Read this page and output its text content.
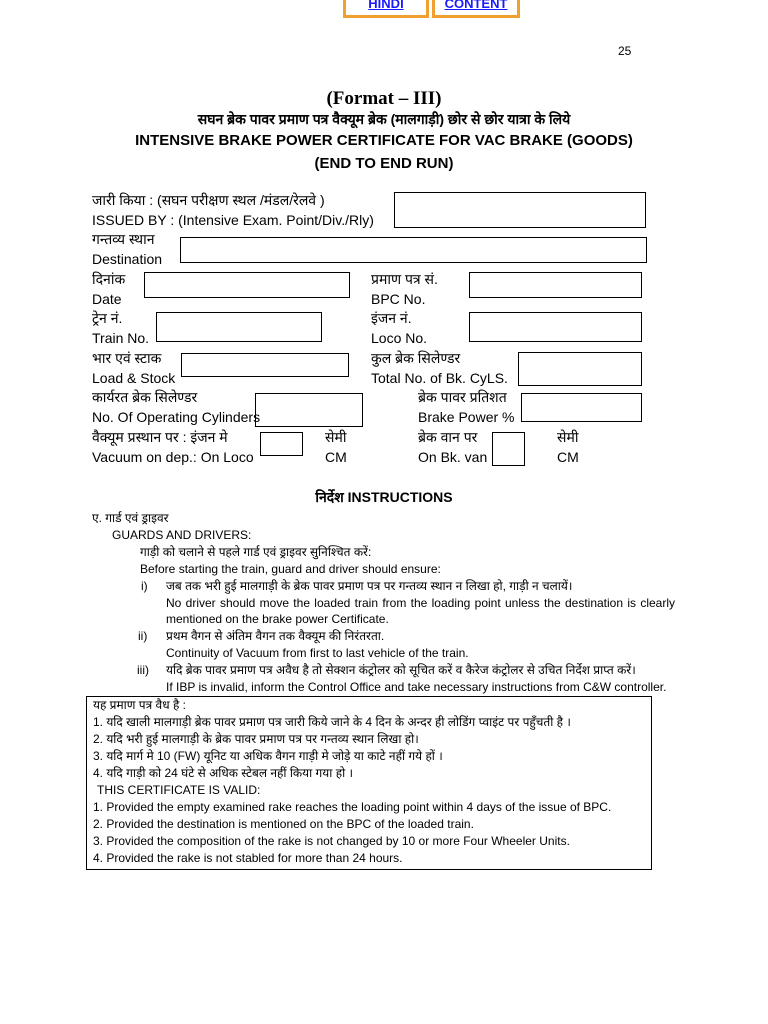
HINDI	CONTENT
25
(Format – III)
सघन ब्रेक पावर प्रमाण पत्र वैक्यूम ब्रेक (मालगाड़ी) छोर से छोर यात्रा के लिये
INTENSIVE BRAKE POWER CERTIFICATE FOR VAC BRAKE (GOODS)
(END TO END RUN)
जारी किया : (सघन परीक्षण स्थल /मंडल/रेलवे )
ISSUED BY : (Intensive Exam. Point/Div./Rly)
गन्तव्य स्थान
Destination
दिनांक
Date
प्रमाण पत्र सं.
BPC No.
ट्रेन नं.
Train No.
इंजन नं.
Loco No.
भार एवं स्टाक
Load & Stock
कुल ब्रेक सिलेण्डर
Total No. of Bk. CyLS.
कार्यरत ब्रेक सिलेण्डर
No. Of Operating Cylinders
ब्रेक पावर प्रतिशत
Brake Power %
वैक्यूम प्रस्थान पर : इंजन मे
Vacuum on dep.: On Loco
सेमी
CM
ब्रेक वान पर
On Bk. van
सेमी
CM
निर्देश INSTRUCTIONS
ए. गार्ड एवं ड्राइवर
GUARDS AND DRIVERS:
गाड़ी को चलाने से पहले गार्ड एवं ड्राइवर सुनिश्चित करें:
Before starting the train, guard and driver should ensure:
i) जब तक भरी हुई मालगाड़ी के ब्रेक पावर प्रमाण पत्र पर गन्तव्य स्थान न लिखा हो, गाड़ी न चलायें।
No driver should move the loaded train from the loading point unless the destination is clearly
mentioned on the brake power Certificate.
ii) प्रथम वैगन से अंतिम वैगन तक वैक्यूम की निरंतरता.
Continuity of Vacuum from first to last vehicle of the train.
iii) यदि ब्रेक पावर प्रमाण पत्र अवैध है तो सेक्शन कंट्रोलर को सूचित करें व कैरेज कंट्रोलर से उचित निर्देश प्राप्त करें।
If IBP is invalid, inform the Control Office and take necessary instructions from C&W controller.
यह प्रमाण पत्र वैध है :
1. यदि खाली मालगाड़ी ब्रेक पावर प्रमाण पत्र जारी किये जाने के 4 दिन के अन्दर ही लोडिंग प्वाइंट पर पहुँचती है ।
2. यदि भरी हुई मालगाड़ी के ब्रेक पावर प्रमाण पत्र पर गन्तव्य स्थान लिखा हो।
3. यदि मार्ग मे 10 (FW) यूनिट या अधिक वैगन गाड़ी मे जोड़े या काटे नहीं गये हों ।
4. यदि गाड़ी को 24 घंटे से अधिक स्टेबल नहीं किया गया हो ।
THIS CERTIFICATE IS VALID:
1. Provided the empty examined rake reaches the loading point within 4 days of the issue of BPC.
2. Provided the destination is mentioned on the BPC of the loaded train.
3. Provided the composition of the rake is not changed by 10 or more Four Wheeler Units.
4. Provided the rake is not stabled for more than 24 hours.
